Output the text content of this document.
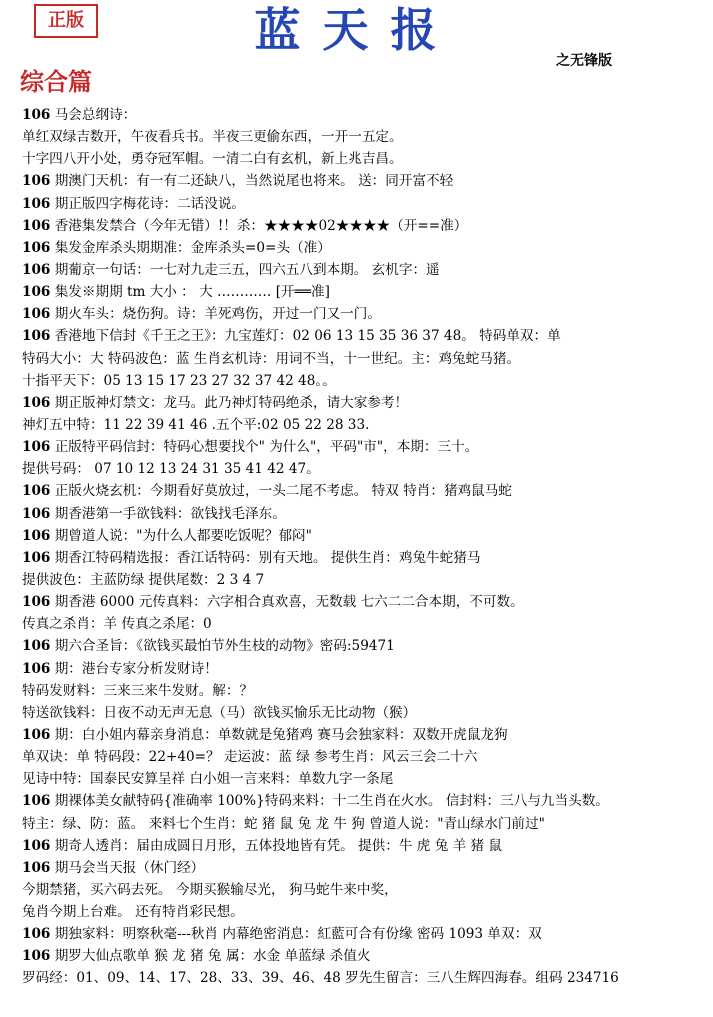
正版	蓝天报
之无锋版
综合篇
106 马会总纲诗：
单红双绿吉数开，午夜看兵书。半夜三更偷东西，一开一五定。
十字四八开小处，勇夺冠军帽。一清二白有玄机，新上兆吉昌。
106 期澳门天机：有一有二还缺八，当然说尾也将来。 送：同开富不轻
106 期正版四字梅花诗：二话没说。
106 香港集发禁合（今年无错）!！杀：★★★★02★★★★（开==准）
106 集发金库杀头期期准：金库杀头=0=头（准）
106 期葡京一句话：一七对九走三五，四六五八到本期。 玄机字：遥
106 集发※期期 tm 大小 ： 大 ………… [开══准]
106 期火车头：烧伤狗。诗：羊死鸡伤，开过一门又一门。
106 香港地下信封《千王之王》：九宝莲灯：02 06 13 15 35 36 37 48。 特码单双：单
特码大小：大 特码波色：蓝 生肖玄机诗：用词不当，十一世纪。主：鸡兔蛇马猪。
十指平天下：05 13 15 17 23 27 32 37 42 48。。
106 期正版神灯禁文：龙马。此乃神灯特码绝杀，请大家参考！
神灯五中特：11 22 39 41 46 .五个平:02 05 22 28 33.
106 正版特平码信封：特码心想要找个" 为什么"，平码"市"，本期：三十。
提供号码： 07 10 12 13 24 31 35 41 42 47。
106 正版火烧玄机：今期看好莫放过，一头二尾不考虑。 特双 特肖：猪鸡鼠马蛇
106 期香港第一手欲钱料：欲钱找毛泽东。
106 期曾道人说："为什么人都要吃饭呢？郁闷"
106 期香江特码精选报：香江话特码：别有天地。 提供生肖：鸡兔牛蛇猪马
提供波色：主蓝防绿 提供尾数：2 3 4 7
106 期香港 6000 元传真料：六字相合真欢喜，无数载 七六二二合本期，不可数。
传真之杀肖：羊 传真之杀尾：0
106 期六合圣旨：《欲钱买最怕节外生枝的动物》密码:59471
106 期：港台专家分析发财诗！
特码发财料：三来三来牛发财。解：？
特送欲钱料：日夜不动无声无息（马）欲钱买愉乐无比动物（猴）
106 期：白小姐内幕亲身消息：单数就是兔猪鸡 赛马会独家料：双数开虎鼠龙狗
单双诀：单 特码段：22+40=？ 走运波：蓝 绿 参考生肖：风云三会二十六
见诗中特：国泰民安算呈祥 白小姐一言来料：单数九字一条尾
106 期裸体美女献特码{准确率 100%}特码来料：十二生肖在火水。 信封料：三八与九当头数。
特主：绿、防：蓝。 来料七个生肖：蛇 猪 鼠 兔 龙 牛 狗 曾道人说："青山绿水门前过"
106 期奇人透肖：届由成圆日月形，五体投地皆有凭。 提供：牛 虎 兔 羊 猪 鼠
106 期马会当天报（休门经）
今期禁猪，买六码去死。 今期买猴输尽光， 狗马蛇牛来中奖，
兔肖今期上台难。 还有特肖彩民想。
106 期独家料：明察秋毫---秋肖 内幕绝密消息：紅藍可合有份缘 密码 1093 单双：双
106 期罗大仙点歌单 猴 龙 猪 兔 属：水金 单蓝绿 杀值火
罗码经：01、09、14、17、28、33、39、46、48 罗先生留言：三八生辉四海春。组码 234716
